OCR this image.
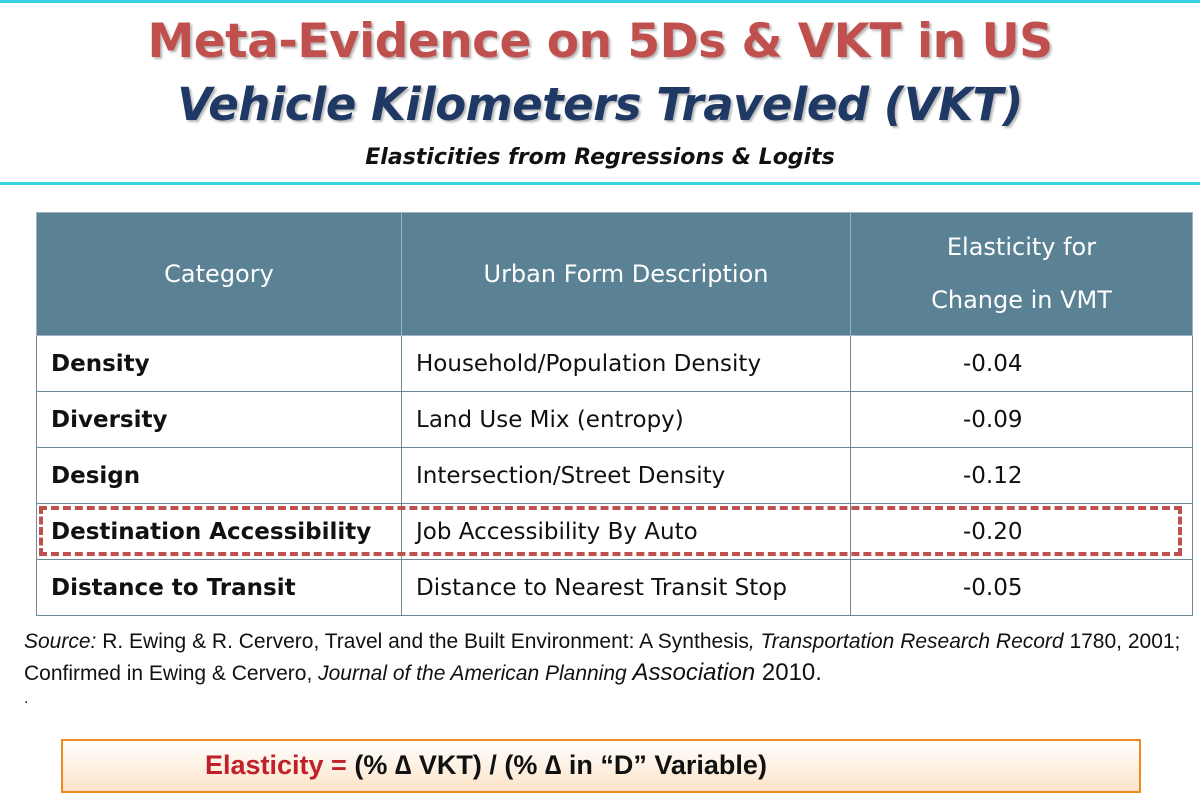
Meta-Evidence on 5Ds & VKT in US
Vehicle Kilometers Traveled (VKT)
Elasticities from Regressions & Logits
Category	Urban Form Description	Elasticity for
Change in VMT
Density	Household/Population Density	-0.04
Diversity	Land Use Mix (entropy)	-0.09
Design	Intersection/Street Density	-0.12
Destination Accessibility	Job Accessibility By Auto	-0.20
Distance to Transit	Distance to Nearest Transit Stop	-0.05
Source: R. Ewing & R. Cervero, Travel and the Built Environment: A Synthesis, Transportation Research Record 1780, 2001; Confirmed in Ewing & Cervero, Journal of the American Planning Association 2010.
.
Elasticity = (% ∆ VKT) / (% ∆ in “D” Variable)
